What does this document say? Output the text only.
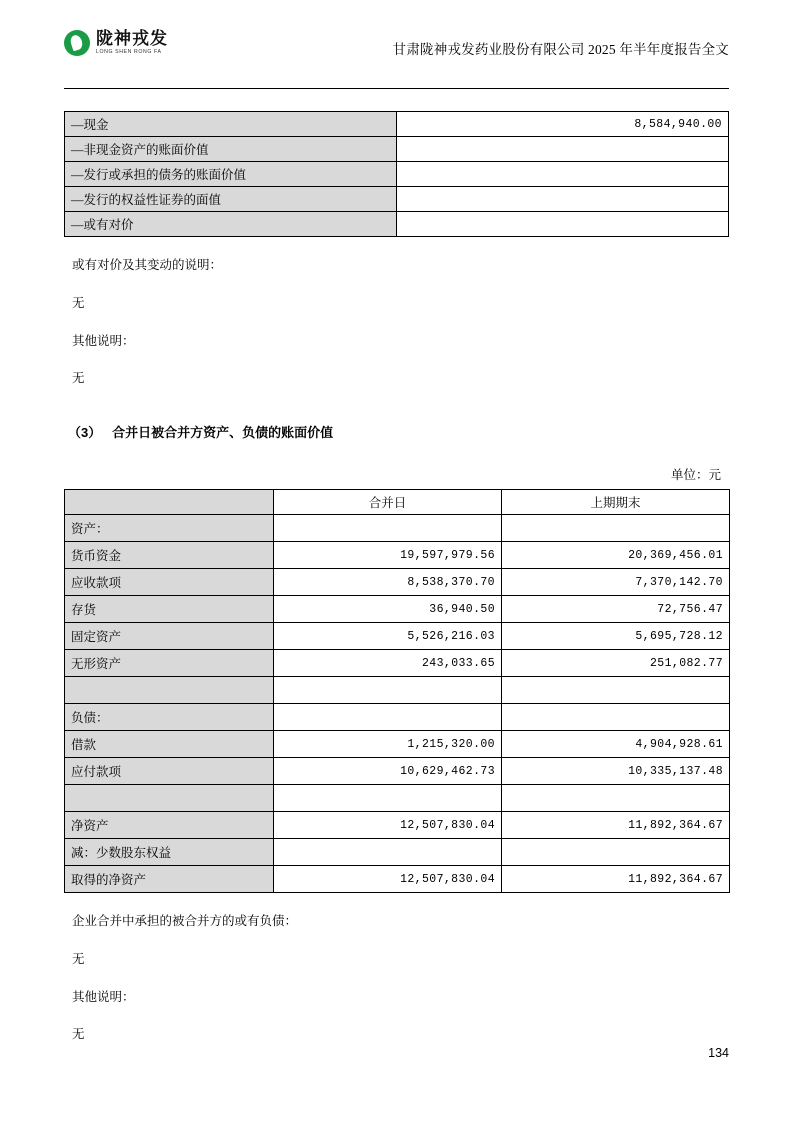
陇神戎发
LONG SHEN RONG FA	甘肃陇神戎发药业股份有限公司 2025 年半年度报告全文
—现金	8,584,940.00
—非现金资产的账面价值	
—发行或承担的债务的账面价值	
—发行的权益性证券的面值	
—或有对价	
或有对价及其变动的说明：
无
其他说明：
无
（3） 合并日被合并方资产、负债的账面价值
单位：元
	合并日	上期期末
资产：		
货币资金	19,597,979.56	20,369,456.01
应收款项	8,538,370.70	7,370,142.70
存货	36,940.50	72,756.47
固定资产	5,526,216.03	5,695,728.12
无形资产	243,033.65	251,082.77

负债：		
借款	1,215,320.00	4,904,928.61
应付款项	10,629,462.73	10,335,137.48

净资产	12,507,830.04	11,892,364.67
减：少数股东权益		
取得的净资产	12,507,830.04	11,892,364.67
企业合并中承担的被合并方的或有负债：
无
其他说明：
无
134
